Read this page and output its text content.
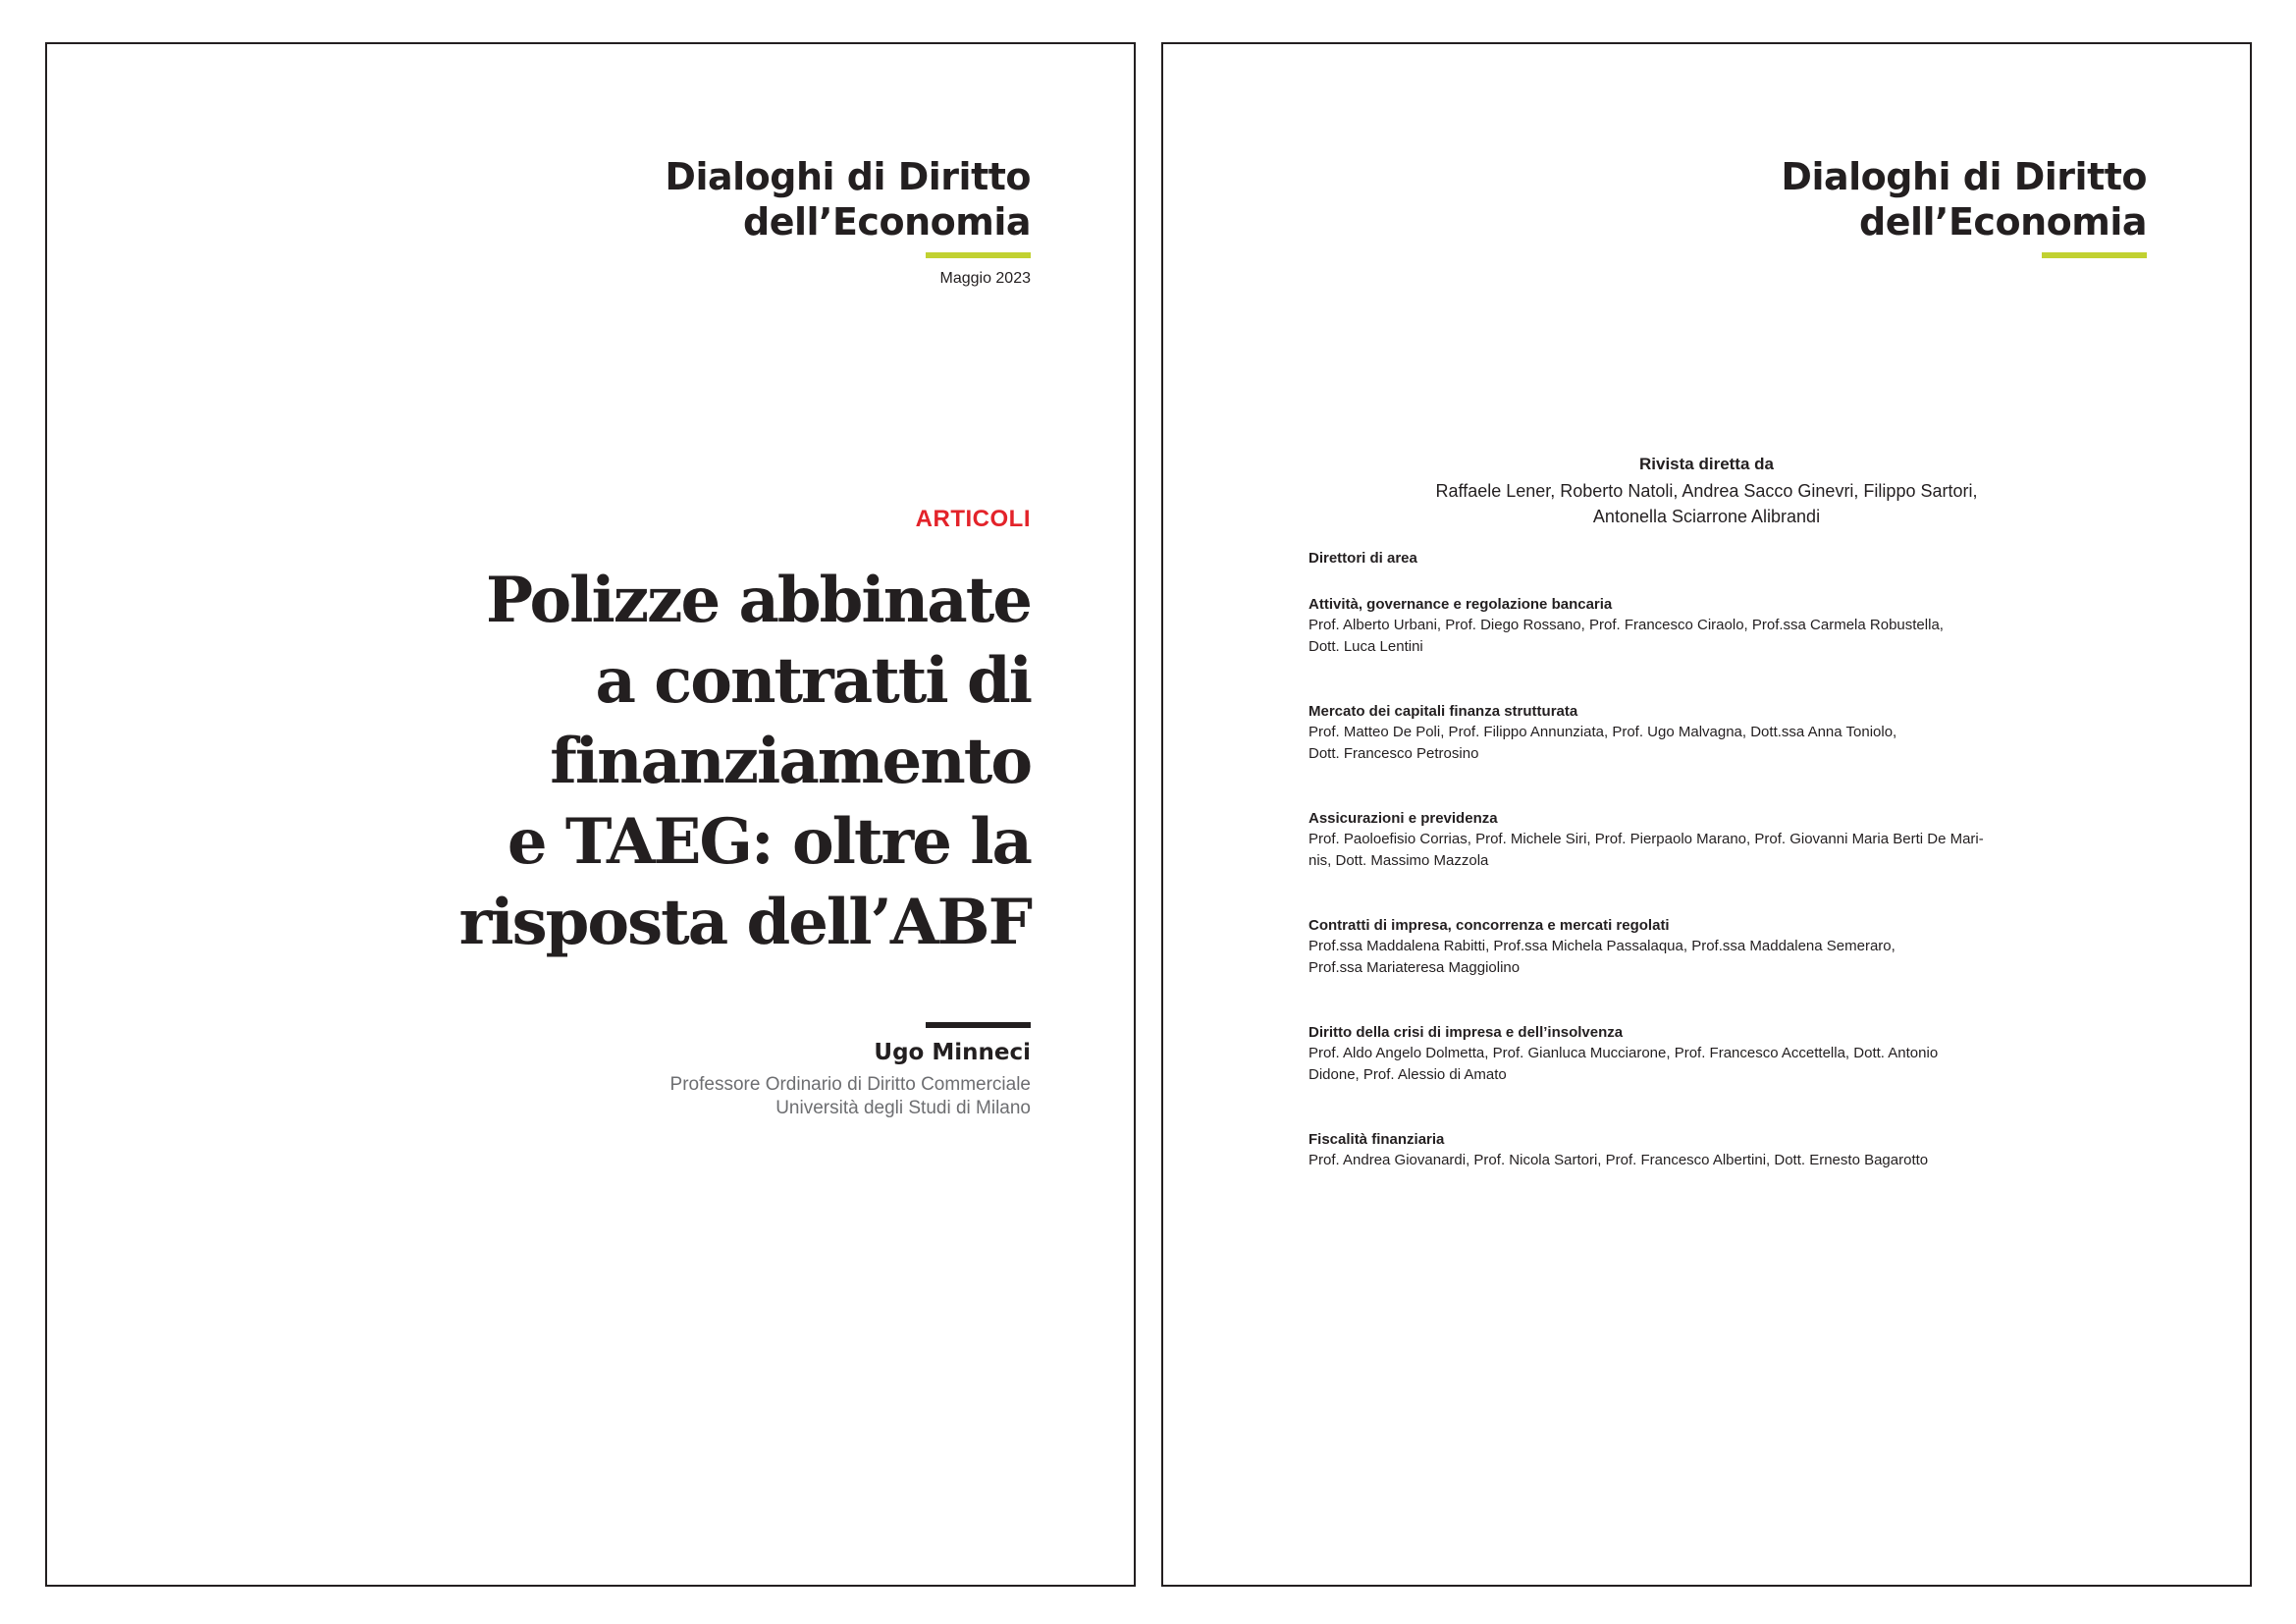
Dialoghi di Diritto
dell’Economia
Maggio 2023
ARTICOLI
Polizze abbinate
a contratti di
finanziamento
e TAEG: oltre la
risposta dell’ABF
Ugo Minneci
Professore Ordinario di Diritto Commerciale
Università degli Studi di Milano
Dialoghi di Diritto
dell’Economia
Rivista diretta da
Raffaele Lener, Roberto Natoli, Andrea Sacco Ginevri, Filippo Sartori,
Antonella Sciarrone Alibrandi
Direttori di area
Attività, governance e regolazione bancaria
Prof. Alberto Urbani, Prof. Diego Rossano, Prof. Francesco Ciraolo, Prof.ssa Carmela Robustella,
Dott. Luca Lentini
Mercato dei capitali finanza strutturata
Prof. Matteo De Poli, Prof. Filippo Annunziata, Prof. Ugo Malvagna, Dott.ssa Anna Toniolo,
Dott. Francesco Petrosino
Assicurazioni e previdenza
Prof. Paoloefisio Corrias, Prof. Michele Siri, Prof. Pierpaolo Marano, Prof. Giovanni Maria Berti De Mari-
nis, Dott. Massimo Mazzola
Contratti di impresa, concorrenza e mercati regolati
Prof.ssa Maddalena Rabitti, Prof.ssa Michela Passalaqua, Prof.ssa Maddalena Semeraro,
Prof.ssa Mariateresa Maggiolino
Diritto della crisi di impresa e dell’insolvenza
Prof. Aldo Angelo Dolmetta, Prof. Gianluca Mucciarone, Prof. Francesco Accettella, Dott. Antonio
Didone, Prof. Alessio di Amato
Fiscalità finanziaria
Prof. Andrea Giovanardi, Prof. Nicola Sartori, Prof. Francesco Albertini, Dott. Ernesto Bagarotto
